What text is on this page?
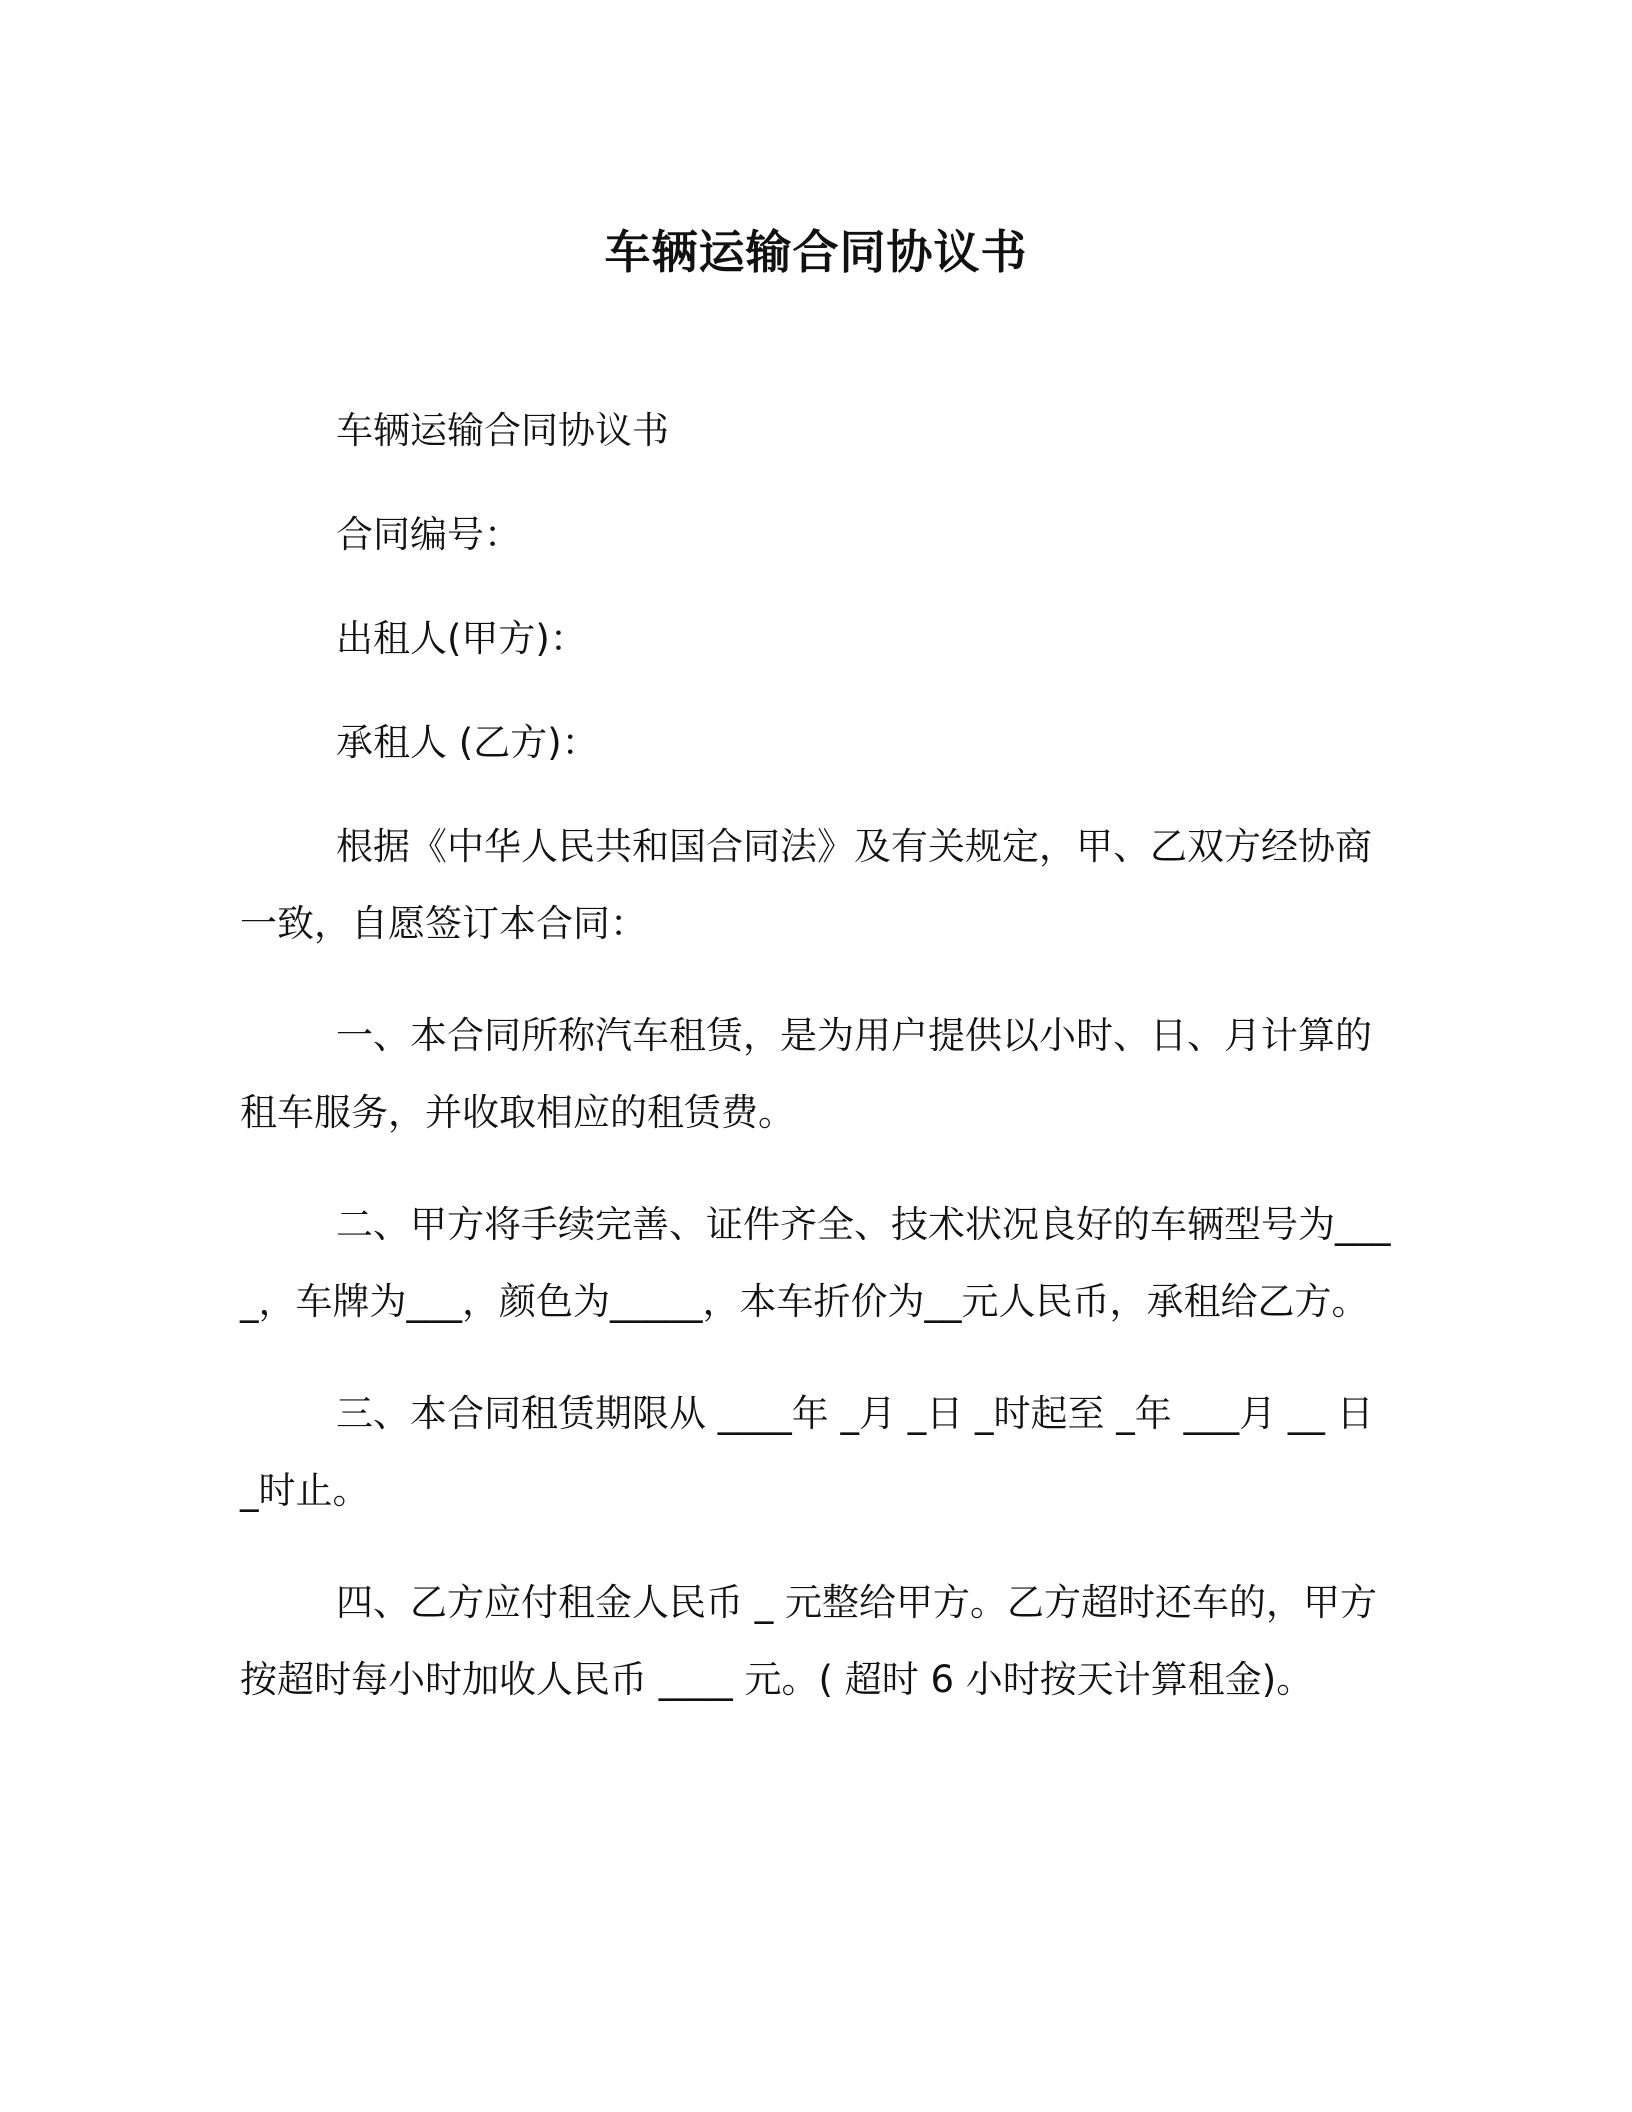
车辆运输合同协议书

车辆运输合同协议书

合同编号：

出租人(甲方)：

承租人 (乙方)：

根据《中华人民共和国合同法》及有关规定，甲、乙双方经协商一致，自愿签订本合同：

一、本合同所称汽车租赁，是为用户提供以小时、日、月计算的租车服务，并收取相应的租赁费。

二、甲方将手续完善、证件齐全、技术状况良好的车辆型号为____，车牌为___，颜色为_____，本车折价为__元人民币，承租给乙方。

三、本合同租赁期限从 ____年 _月 _日 _时起至 _年 ___月 __ 日 _时止。

四、乙方应付租金人民币 _ 元整给甲方。乙方超时还车的，甲方按超时每小时加收人民币 ____ 元。( 超时 6 小时按天计算租金)。
